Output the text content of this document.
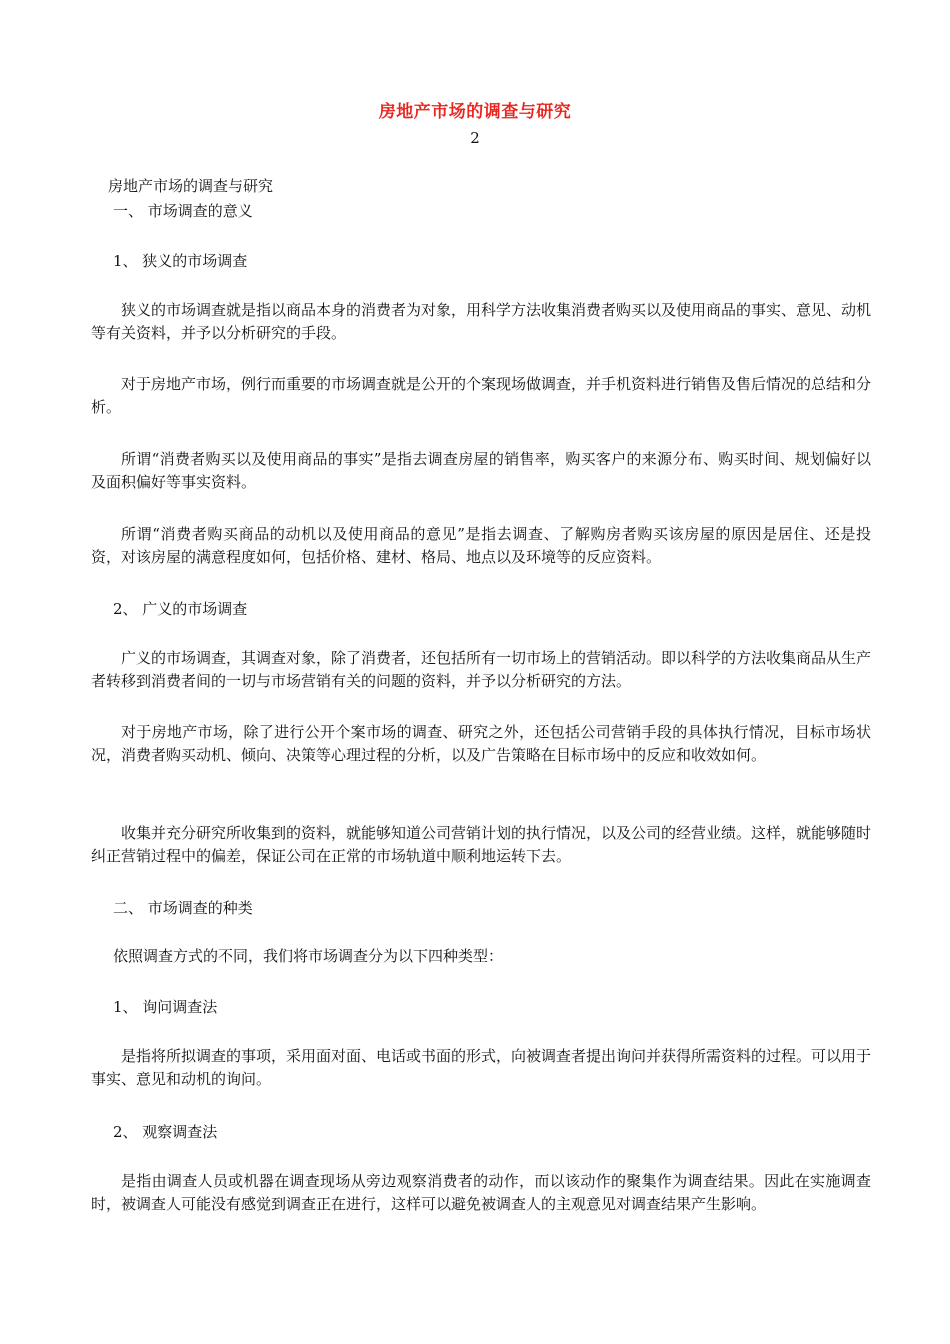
房地产市场的调查与研究
2
房地产市场的调查与研究
一、 市场调查的意义
1、 狭义的市场调查
狭义的市场调查就是指以商品本身的消费者为对象，用科学方法收集消费者购买以及使用商品的事实、意见、动机等有关资料，并予以分析研究的手段。
对于房地产市场，例行而重要的市场调查就是公开的个案现场做调查，并手机资料进行销售及售后情况的总结和分析。
所谓“消费者购买以及使用商品的事实”是指去调查房屋的销售率，购买客户的来源分布、购买时间、规划偏好以及面积偏好等事实资料。
所谓“消费者购买商品的动机以及使用商品的意见”是指去调查、了解购房者购买该房屋的原因是居住、还是投资，对该房屋的满意程度如何，包括价格、建材、格局、地点以及环境等的反应资料。
2、 广义的市场调查
广义的市场调查，其调查对象，除了消费者，还包括所有一切市场上的营销活动。即以科学的方法收集商品从生产者转移到消费者间的一切与市场营销有关的问题的资料，并予以分析研究的方法。
对于房地产市场，除了进行公开个案市场的调查、研究之外，还包括公司营销手段的具体执行情况，目标市场状况，消费者购买动机、倾向、决策等心理过程的分析，以及广告策略在目标市场中的反应和收效如何。
收集并充分研究所收集到的资料，就能够知道公司营销计划的执行情况，以及公司的经营业绩。这样，就能够随时纠正营销过程中的偏差，保证公司在正常的市场轨道中顺利地运转下去。
二、 市场调查的种类
依照调查方式的不同，我们将市场调查分为以下四种类型：
1、 询问调查法
是指将所拟调查的事项，采用面对面、电话或书面的形式，向被调查者提出询问并获得所需资料的过程。可以用于事实、意见和动机的询问。
2、 观察调查法
是指由调查人员或机器在调查现场从旁边观察消费者的动作，而以该动作的聚集作为调查结果。因此在实施调查时，被调查人可能没有感觉到调查正在进行，这样可以避免被调查人的主观意见对调查结果产生影响。
